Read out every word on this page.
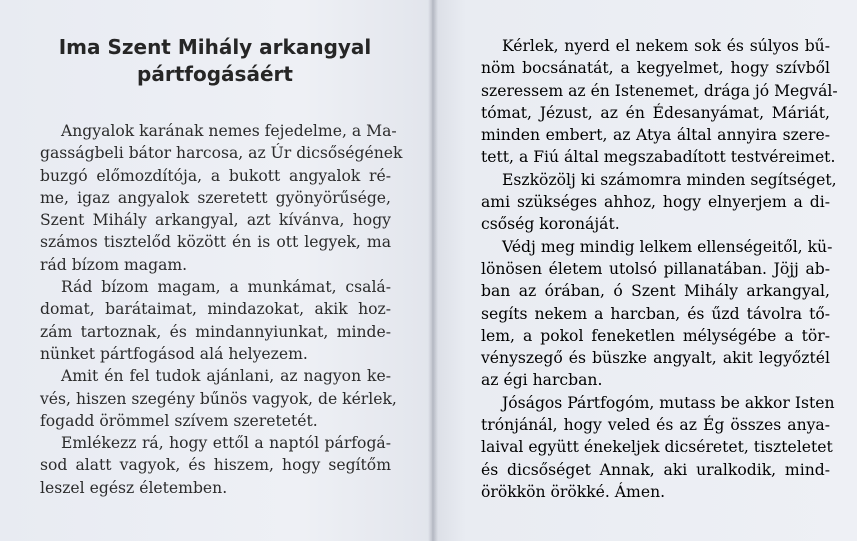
Ima Szent Mihály arkangyal
pártfogásáért
Angyalok karának nemes fejedelme, a Ma-
gasságbeli bátor harcosa, az Úr dicsőségének
buzgó előmozdítója, a bukott angyalok ré-
me, igaz angyalok szeretett gyönyörűsége,
Szent Mihály arkangyal, azt kívánva, hogy
számos tisztelőd között én is ott legyek, ma
rád bízom magam.
Rád bízom magam, a munkámat, csalá-
domat, barátaimat, mindazokat, akik hoz-
zám tartoznak, és mindannyiunkat, minde-
nünket pártfogásod alá helyezem.
Amit én fel tudok ajánlani, az nagyon ke-
vés, hiszen szegény bűnös vagyok, de kérlek,
fogadd örömmel szívem szeretetét.
Emlékezz rá, hogy ettől a naptól párfogá-
sod alatt vagyok, és hiszem, hogy segítőm
leszel egész életemben.
Kérlek, nyerd el nekem sok és súlyos bű-
nöm bocsánatát, a kegyelmet, hogy szívből
szeressem az én Istenemet, drága jó Megvál-
tómat, Jézust, az én Édesanyámat, Máriát,
minden embert, az Atya által annyira szere-
tett, a Fiú által megszabadított testvéreimet.
Eszközölj ki számomra minden segítséget,
ami szükséges ahhoz, hogy elnyerjem a di-
csőség koronáját.
Védj meg mindig lelkem ellenségeitől, kü-
lönösen életem utolsó pillanatában. Jöjj ab-
ban az órában, ó Szent Mihály arkangyal,
segíts nekem a harcban, és űzd távolra tő-
lem, a pokol feneketlen mélységébe a tör-
vényszegő és büszke angyalt, akit legyőztél
az égi harcban.
Jóságos Pártfogóm, mutass be akkor Isten
trónjánál, hogy veled és az Ég összes anya-
laival együtt énekeljek dicséretet, tiszteletet
és dicsőséget Annak, aki uralkodik, mind-
örökkön örökké. Ámen.
